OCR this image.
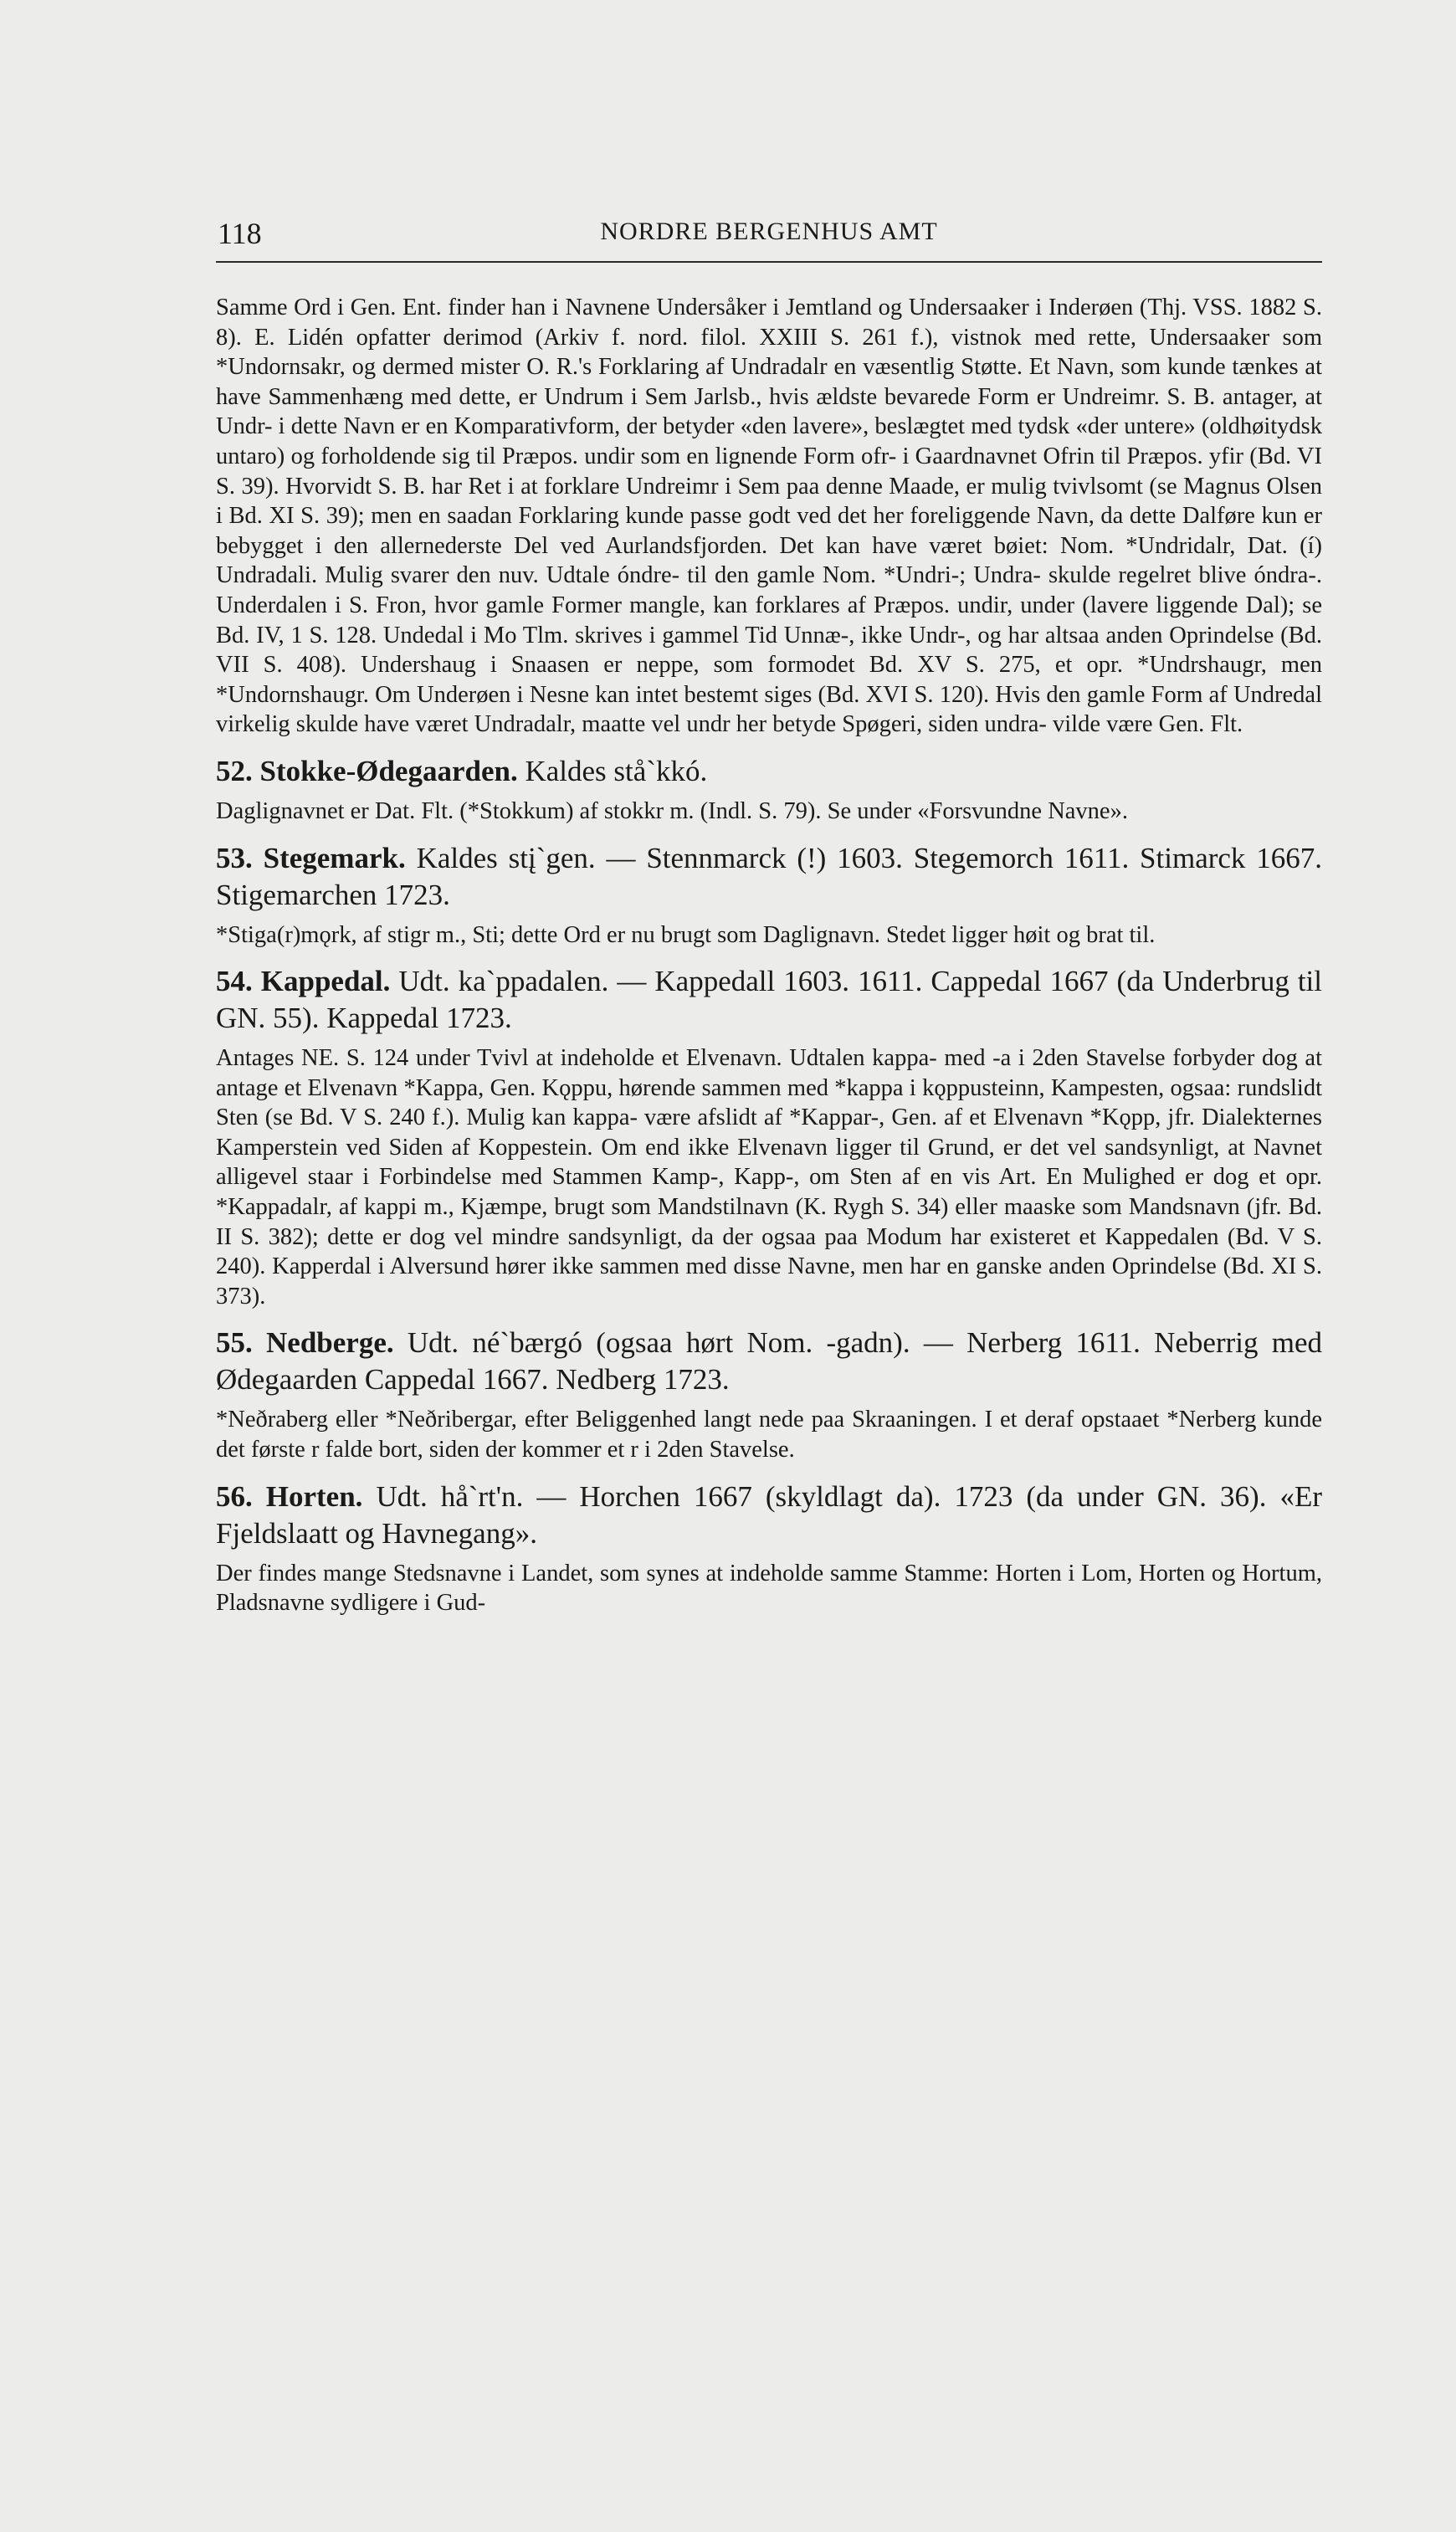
118	NORDRE BERGENHUS AMT

Samme Ord i Gen. Ent. finder han i Navnene Undersåker i Jemtland og Undersaaker i Inderøen (Thj. VSS. 1882 S. 8). E. Lidén opfatter derimod (Arkiv f. nord. filol. XXIII S. 261 f.), vistnok med rette, Undersaaker som *Undornsakr, og dermed mister O. R.'s Forklaring af Undradalr en væsentlig Støtte. Et Navn, som kunde tænkes at have Sammenhæng med dette, er Undrum i Sem Jarlsb., hvis ældste bevarede Form er Undreimr. S. B. antager, at Undr- i dette Navn er en Komparativform, der betyder «den lavere», beslægtet med tydsk «der untere» (oldhøitydsk untaro) og forholdende sig til Præpos. undir som en lignende Form ofr- i Gaardnavnet Ofrin til Præpos. yfir (Bd. VI S. 39). Hvorvidt S. B. har Ret i at forklare Undreimr i Sem paa denne Maade, er mulig tvivlsomt (se Magnus Olsen i Bd. XI S. 39); men en saadan Forklaring kunde passe godt ved det her foreliggende Navn, da dette Dalføre kun er bebygget i den allernederste Del ved Aurlandsfjorden. Det kan have været bøiet: Nom. *Undridalr, Dat. (í) Undradali. Mulig svarer den nuv. Udtale óndre- til den gamle Nom. *Undri-; Undra- skulde regelret blive óndra-. Underdalen i S. Fron, hvor gamle Former mangle, kan forklares af Præpos. undir, under (lavere liggende Dal); se Bd. IV, 1 S. 128. Undedal i Mo Tlm. skrives i gammel Tid Unnæ-, ikke Undr-, og har altsaa anden Oprindelse (Bd. VII S. 408). Undershaug i Snaasen er neppe, som formodet Bd. XV S. 275, et opr. *Undrshaugr, men *Undornshaugr. Om Underøen i Nesne kan intet bestemt siges (Bd. XVI S. 120). Hvis den gamle Form af Undredal virkelig skulde have været Undradalr, maatte vel undr her betyde Spøgeri, siden undra- vilde være Gen. Flt.

52. Stokke-Ødegaarden. Kaldes stå`kkó.

Daglignavnet er Dat. Flt. (*Stokkum) af stokkr m. (Indl. S. 79). Se under «Forsvundne Navne».

53. Stegemark. Kaldes stį`gen. — Stennmarck (!) 1603. Stegemorch 1611. Stimarck 1667. Stigemarchen 1723.

*Stiga(r)mǫrk, af stigr m., Sti; dette Ord er nu brugt som Daglignavn. Stedet ligger høit og brat til.

54. Kappedal. Udt. ka`ppadalen. — Kappedall 1603. 1611. Cappedal 1667 (da Underbrug til GN. 55). Kappedal 1723.

Antages NE. S. 124 under Tvivl at indeholde et Elvenavn. Udtalen kappa- med -a i 2den Stavelse forbyder dog at antage et Elvenavn *Kappa, Gen. Kǫppu, hørende sammen med *kappa i kǫppusteinn, Kampesten, ogsaa: rundslidt Sten (se Bd. V S. 240 f.). Mulig kan kappa- være afslidt af *Kappar-, Gen. af et Elvenavn *Kǫpp, jfr. Dialekternes Kamperstein ved Siden af Koppestein. Om end ikke Elvenavn ligger til Grund, er det vel sandsynligt, at Navnet alligevel staar i Forbindelse med Stammen Kamp-, Kapp-, om Sten af en vis Art. En Mulighed er dog et opr. *Kappadalr, af kappi m., Kjæmpe, brugt som Mandstilnavn (K. Rygh S. 34) eller maaske som Mandsnavn (jfr. Bd. II S. 382); dette er dog vel mindre sandsynligt, da der ogsaa paa Modum har existeret et Kappedalen (Bd. V S. 240). Kapperdal i Alversund hører ikke sammen med disse Navne, men har en ganske anden Oprindelse (Bd. XI S. 373).

55. Nedberge. Udt. né`bærgó (ogsaa hørt Nom. -gadn). — Nerberg 1611. Neberrig med Ødegaarden Cappedal 1667. Nedberg 1723.

*Neðraberg eller *Neðribergar, efter Beliggenhed langt nede paa Skraaningen. I et deraf opstaaet *Nerberg kunde det første r falde bort, siden der kommer et r i 2den Stavelse.

56. Horten. Udt. hå`rt'n. — Horchen 1667 (skyldlagt da). 1723 (da under GN. 36). «Er Fjeldslaatt og Havnegang».

Der findes mange Stedsnavne i Landet, som synes at indeholde samme Stamme: Horten i Lom, Horten og Hortum, Pladsnavne sydligere i Gud-
